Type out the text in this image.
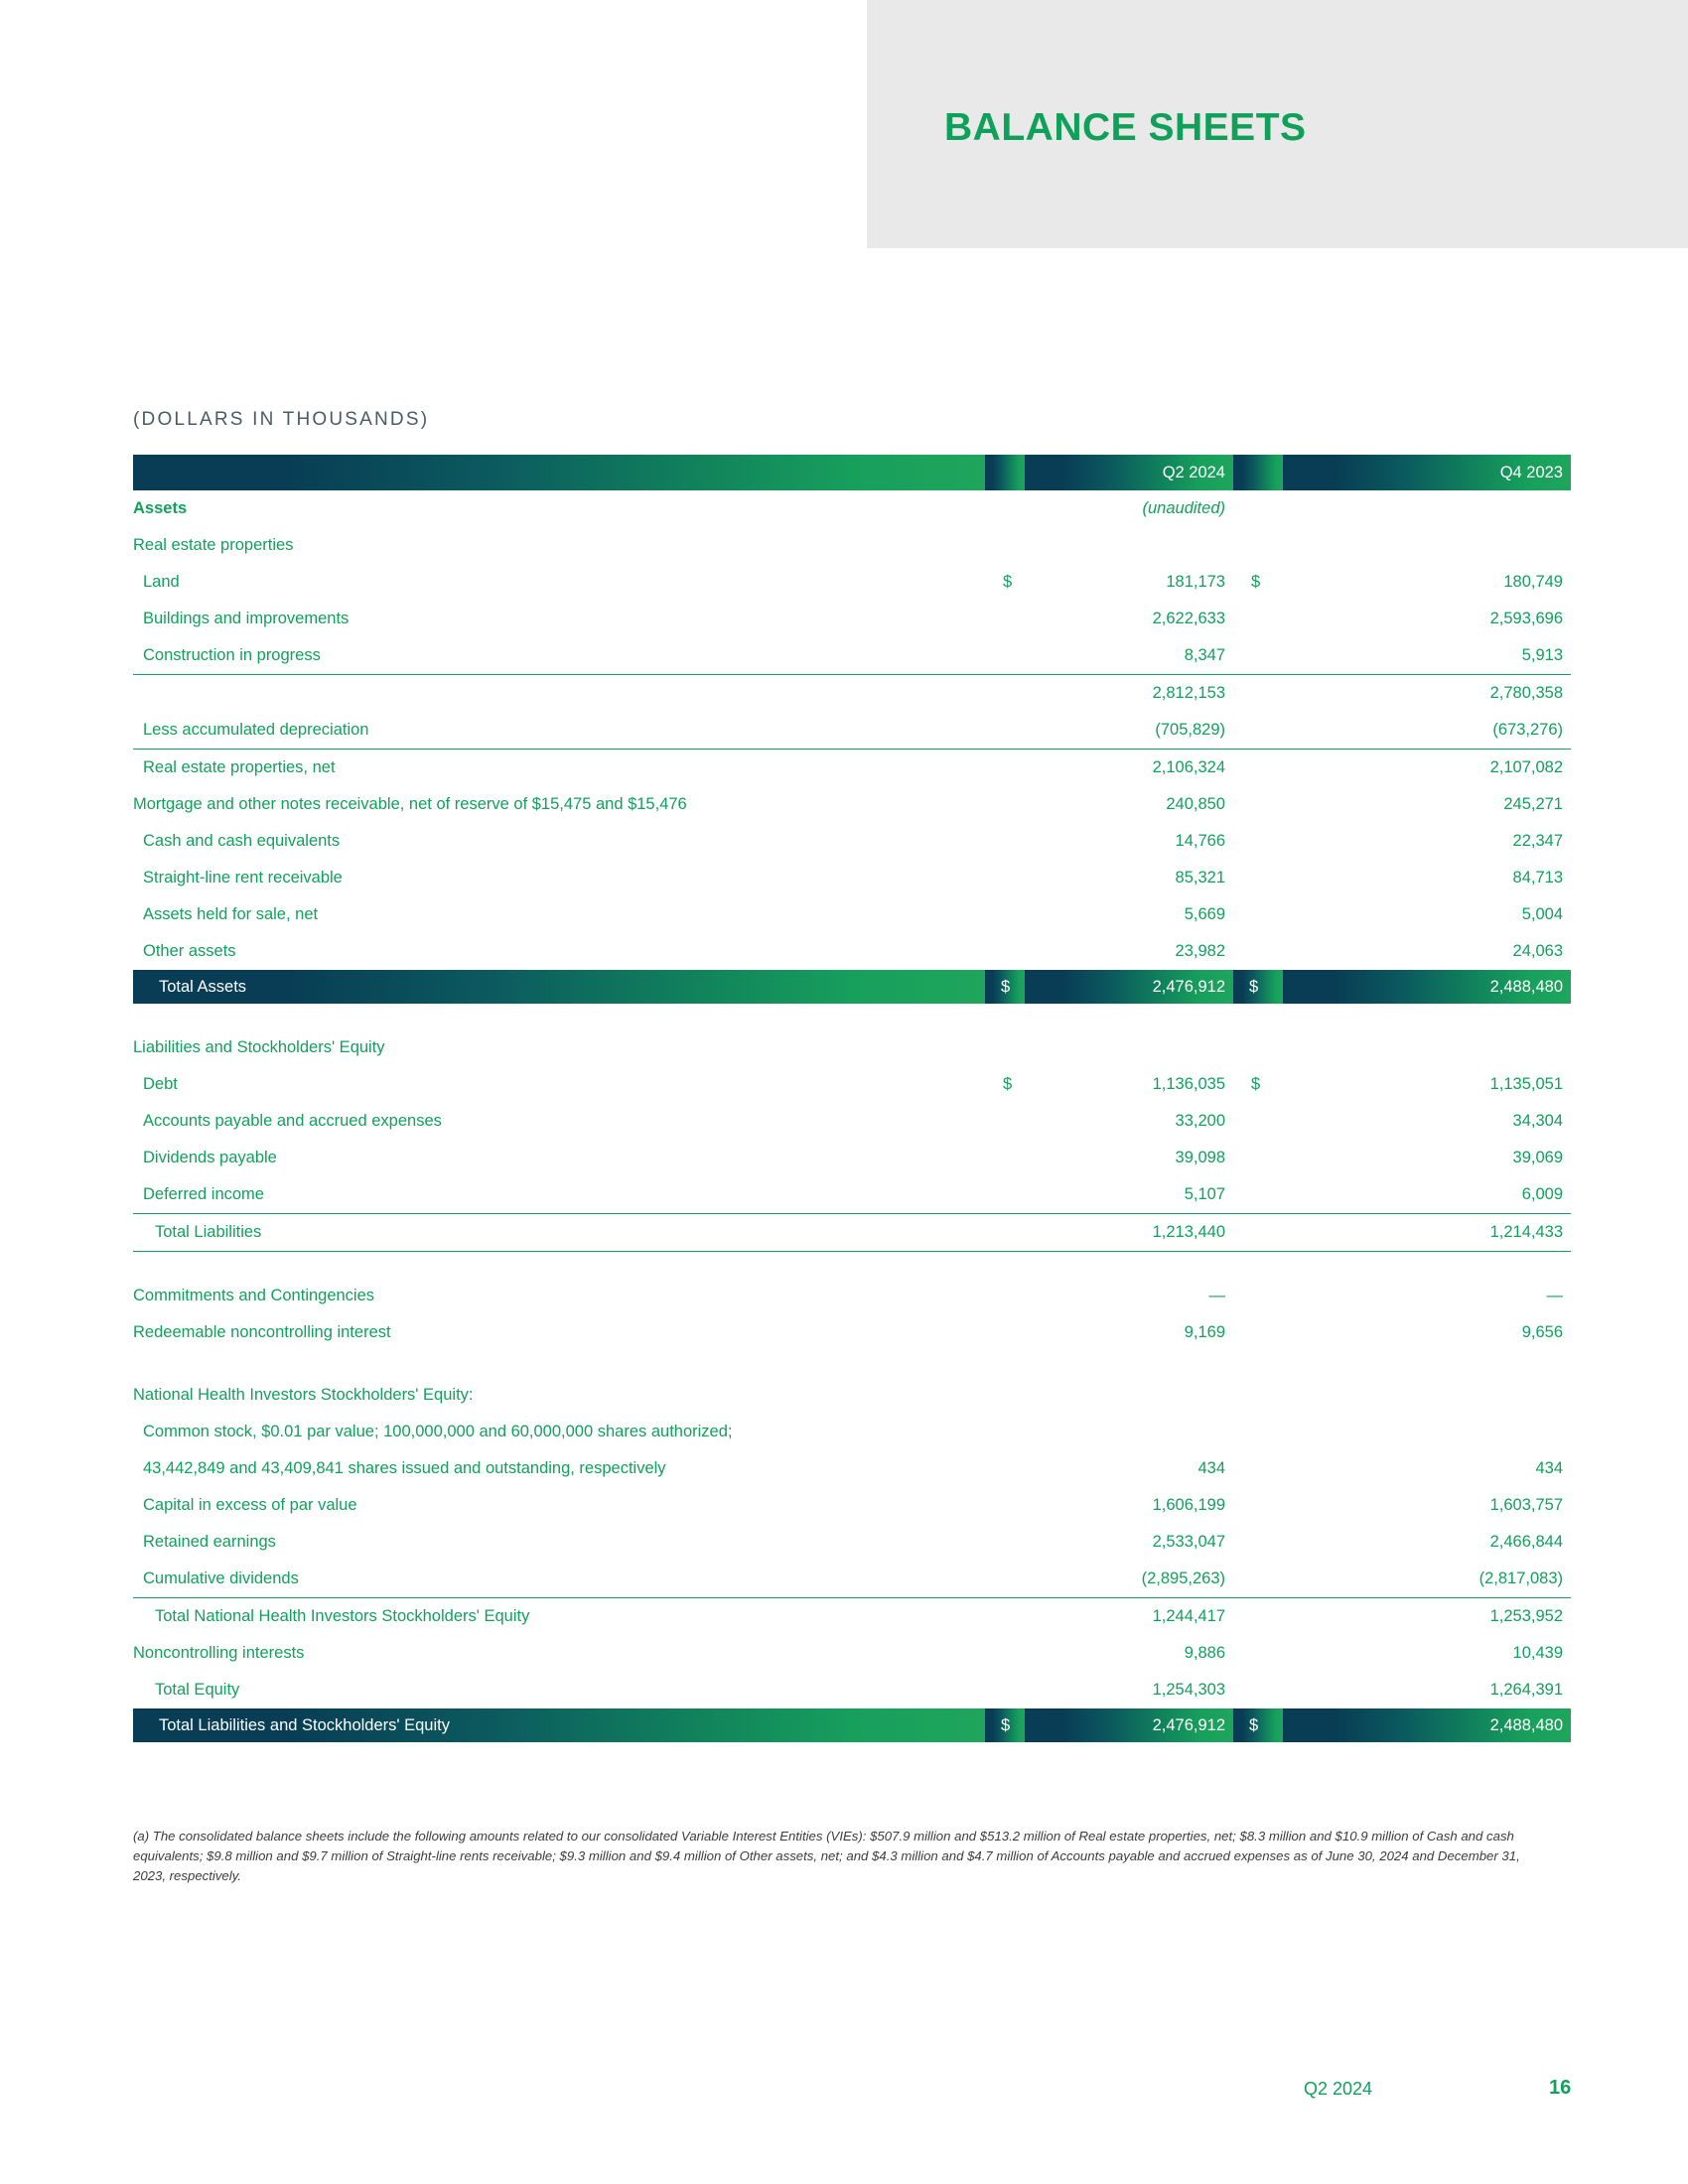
BALANCE SHEETS
(DOLLARS IN THOUSANDS)
		Q2 2024		Q4 2023
Assets		(unaudited)		
Real estate properties				
Land	$	181,173	$	180,749
Buildings and improvements		2,622,633		2,593,696
Construction in progress		8,347		5,913
		2,812,153		2,780,358
Less accumulated depreciation		(705,829)		(673,276)
Real estate properties, net		2,106,324		2,107,082
Mortgage and other notes receivable, net of reserve of $15,475 and $15,476		240,850		245,271
Cash and cash equivalents		14,766		22,347
Straight-line rent receivable		85,321		84,713
Assets held for sale, net		5,669		5,004
Other assets		23,982		24,063
Total Assets	$	2,476,912	$	2,488,480

Liabilities and Stockholders' Equity				
Debt	$	1,136,035	$	1,135,051
Accounts payable and accrued expenses		33,200		34,304
Dividends payable		39,098		39,069
Deferred income		5,107		6,009
Total Liabilities		1,213,440		1,214,433

Commitments and Contingencies		—		—
Redeemable noncontrolling interest		9,169		9,656

National Health Investors Stockholders' Equity:				
Common stock, $0.01 par value; 100,000,000 and 60,000,000 shares authorized;				
43,442,849 and 43,409,841 shares issued and outstanding, respectively		434		434
Capital in excess of par value		1,606,199		1,603,757
Retained earnings		2,533,047		2,466,844
Cumulative dividends		(2,895,263)		(2,817,083)
Total National Health Investors Stockholders' Equity		1,244,417		1,253,952
Noncontrolling interests		9,886		10,439
Total Equity		1,254,303		1,264,391
Total Liabilities and Stockholders' Equity	$	2,476,912	$	2,488,480
(a) The consolidated balance sheets include the following amounts related to our consolidated Variable Interest Entities (VIEs): $507.9 million and $513.2 million of Real estate properties, net; $8.3 million and $10.9 million of Cash and cash equivalents; $9.8 million and $9.7 million of Straight-line rents receivable; $9.3 million and $9.4 million of Other assets, net; and $4.3 million and $4.7 million of Accounts payable and accrued expenses as of June 30, 2024 and December 31, 2023, respectively.
Q2 2024	16
